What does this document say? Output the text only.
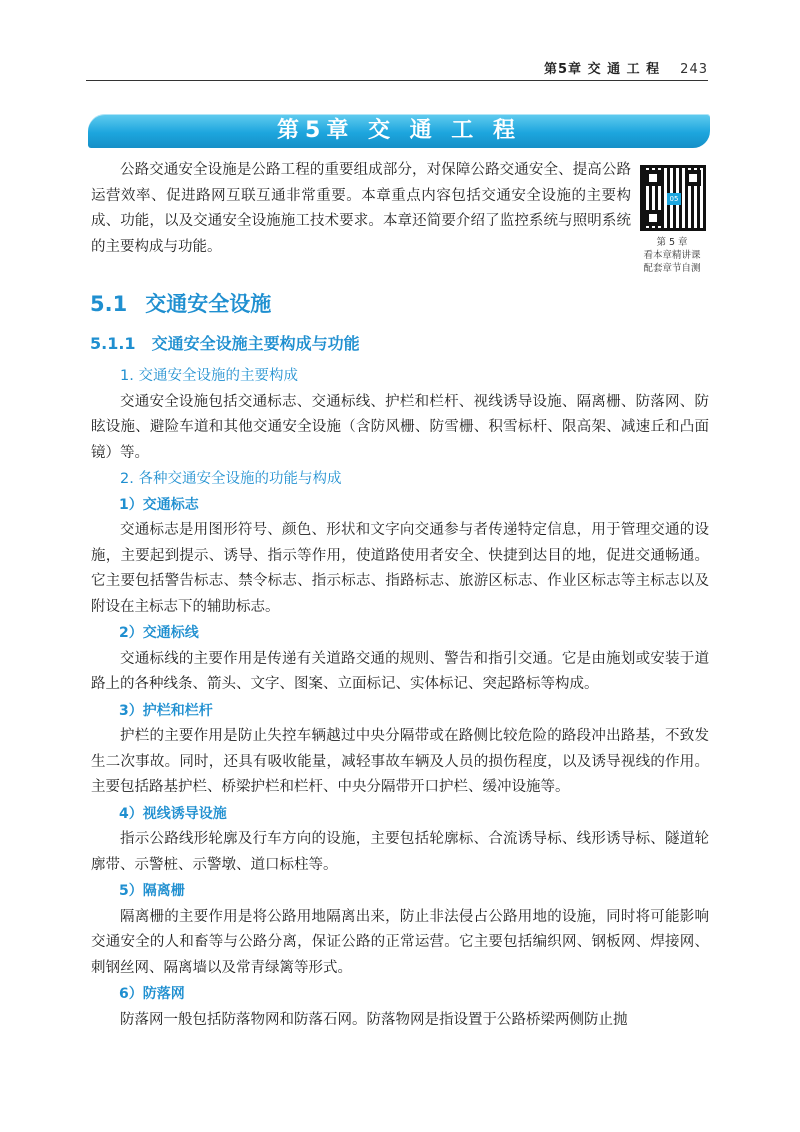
第5章 交 通 工 程 243
第5章 交 通 工 程
公路交通安全设施是公路工程的重要组成部分，对保障公路交通安全、提高公路运营效率、促进路网互联互通非常重要。本章重点内容包括交通安全设施的主要构成、功能，以及交通安全设施施工技术要求。本章还简要介绍了监控系统与照明系统的主要构成与功能。
05
第 5 章
看本章精讲课
配套章节自测
5.1 交通安全设施
5.1.1 交通安全设施主要构成与功能
1. 交通安全设施的主要构成
交通安全设施包括交通标志、交通标线、护栏和栏杆、视线诱导设施、隔离栅、防落网、防眩设施、避险车道和其他交通安全设施（含防风栅、防雪栅、积雪标杆、限高架、减速丘和凸面镜）等。
2. 各种交通安全设施的功能与构成
1）交通标志
交通标志是用图形符号、颜色、形状和文字向交通参与者传递特定信息，用于管理交通的设施，主要起到提示、诱导、指示等作用，使道路使用者安全、快捷到达目的地，促进交通畅通。它主要包括警告标志、禁令标志、指示标志、指路标志、旅游区标志、作业区标志等主标志以及附设在主标志下的辅助标志。
2）交通标线
交通标线的主要作用是传递有关道路交通的规则、警告和指引交通。它是由施划或安装于道路上的各种线条、箭头、文字、图案、立面标记、实体标记、突起路标等构成。
3）护栏和栏杆
护栏的主要作用是防止失控车辆越过中央分隔带或在路侧比较危险的路段冲出路基，不致发生二次事故。同时，还具有吸收能量，减轻事故车辆及人员的损伤程度，以及诱导视线的作用。主要包括路基护栏、桥梁护栏和栏杆、中央分隔带开口护栏、缓冲设施等。
4）视线诱导设施
指示公路线形轮廓及行车方向的设施，主要包括轮廓标、合流诱导标、线形诱导标、隧道轮廓带、示警桩、示警墩、道口标柱等。
5）隔离栅
隔离栅的主要作用是将公路用地隔离出来，防止非法侵占公路用地的设施，同时将可能影响交通安全的人和畜等与公路分离，保证公路的正常运营。它主要包括编织网、钢板网、焊接网、刺钢丝网、隔离墙以及常青绿篱等形式。
6）防落网
防落网一般包括防落物网和防落石网。防落物网是指设置于公路桥梁两侧防止抛
